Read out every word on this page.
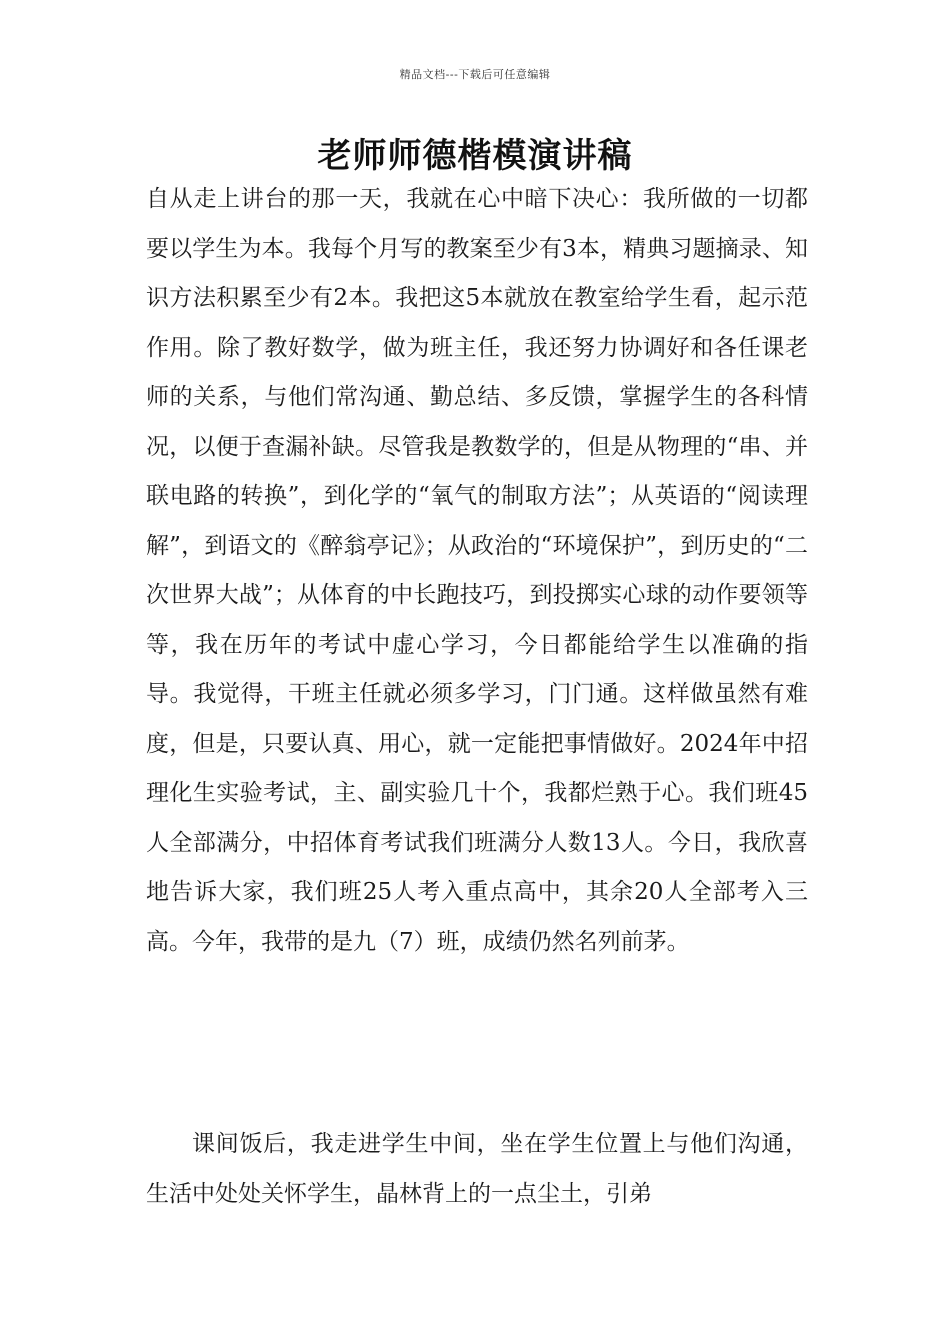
精品文档---下载后可任意编辑
老师师德楷模演讲稿

自从走上讲台的那一天，我就在心中暗下决心：我所做的一切都要以学生为本。我每个月写的教案至少有3本，精典习题摘录、知识方法积累至少有2本。我把这5本就放在教室给学生看，起示范作用。除了教好数学，做为班主任，我还努力协调好和各任课老师的关系，与他们常沟通、勤总结、多反馈，掌握学生的各科情况，以便于查漏补缺。尽管我是教数学的，但是从物理的“串、并联电路的转换”，到化学的“氧气的制取方法”；从英语的“阅读理解”，到语文的《醉翁亭记》；从政治的“环境保护”，到历史的“二次世界大战”；从体育的中长跑技巧，到投掷实心球的动作要领等等，我在历年的考试中虚心学习，今日都能给学生以准确的指导。我觉得，干班主任就必须多学习，门门通。这样做虽然有难度，但是，只要认真、用心，就一定能把事情做好。2024年中招理化生实验考试，主、副实验几十个，我都烂熟于心。我们班45人全部满分，中招体育考试我们班满分人数13人。今日，我欣喜地告诉大家，我们班25人考入重点高中，其余20人全部考入三高。今年，我带的是九（7）班，成绩仍然名列前茅。

课间饭后，我走进学生中间，坐在学生位置上与他们沟通，生活中处处关怀学生，晶林背上的一点尘土，引弟
